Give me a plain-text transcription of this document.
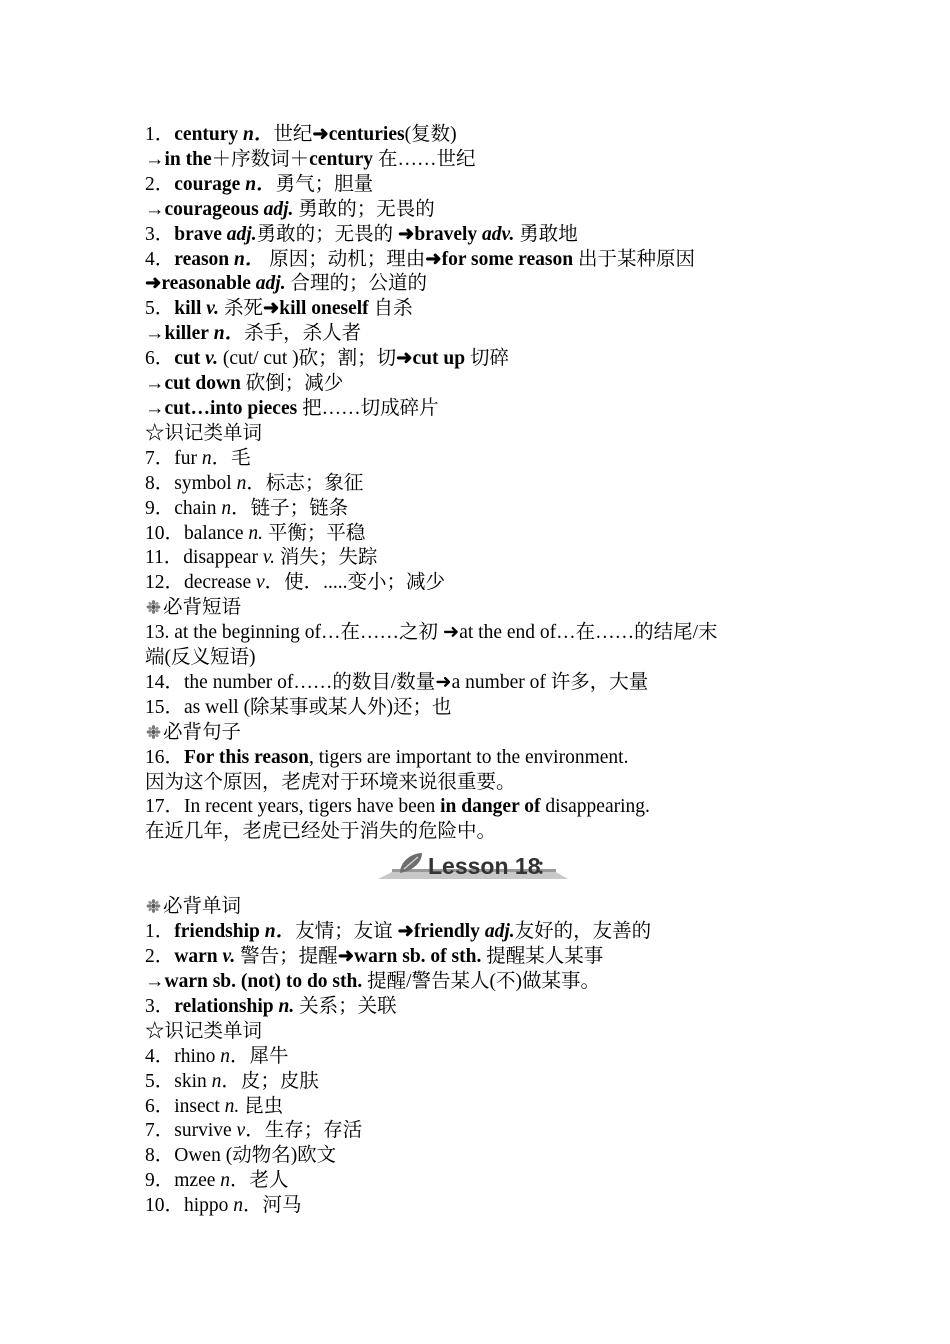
1．century n．世纪➜centuries(复数)
→in the＋序数词＋century 在……世纪
2．courage n．勇气；胆量
→courageous adj. 勇敢的；无畏的
3．brave adj.勇敢的；无畏的 ➜bravely adv. 勇敢地
4．reason n． 原因；动机；理由➜for some reason 出于某种原因
➜reasonable adj. 合理的；公道的
5．kill v. 杀死➜kill oneself 自杀
→killer n．杀手，杀人者
6．cut v. (cut/ cut )砍；割；切➜cut up 切碎
→cut down 砍倒；减少
→cut…into pieces 把……切成碎片
☆识记类单词
7．fur n．毛
8．symbol n．标志；象征
9．chain n．链子；链条
10．balance n. 平衡；平稳
11．disappear v. 消失；失踪
12．decrease v．使．.....变小；减少
必背短语
13. at the beginning of…在……之初 ➜at the end of…在……的结尾/末
端(反义短语)
14．the number of……的数目/数量➜a number of 许多，大量
15．as well (除某事或某人外)还；也
必背句子
16．For this reason, tigers are important to the environment.
因为这个原因，老虎对于环境来说很重要。
17．In recent years, tigers have been in danger of disappearing.
在近几年，老虎已经处于消失的危险中。
Lesson 18
：
必背单词
1．friendship n．友情；友谊 ➜friendly adj.友好的，友善的
2．warn v. 警告；提醒➜warn sb. of sth. 提醒某人某事
→warn sb. (not) to do sth. 提醒/警告某人(不)做某事。
3．relationship n. 关系；关联
☆识记类单词
4．rhino n．犀牛
5．skin n．皮；皮肤
6．insect n. 昆虫
7．survive v．生存；存活
8．Owen (动物名)欧文
9．mzee n．老人
10．hippo n．河马
